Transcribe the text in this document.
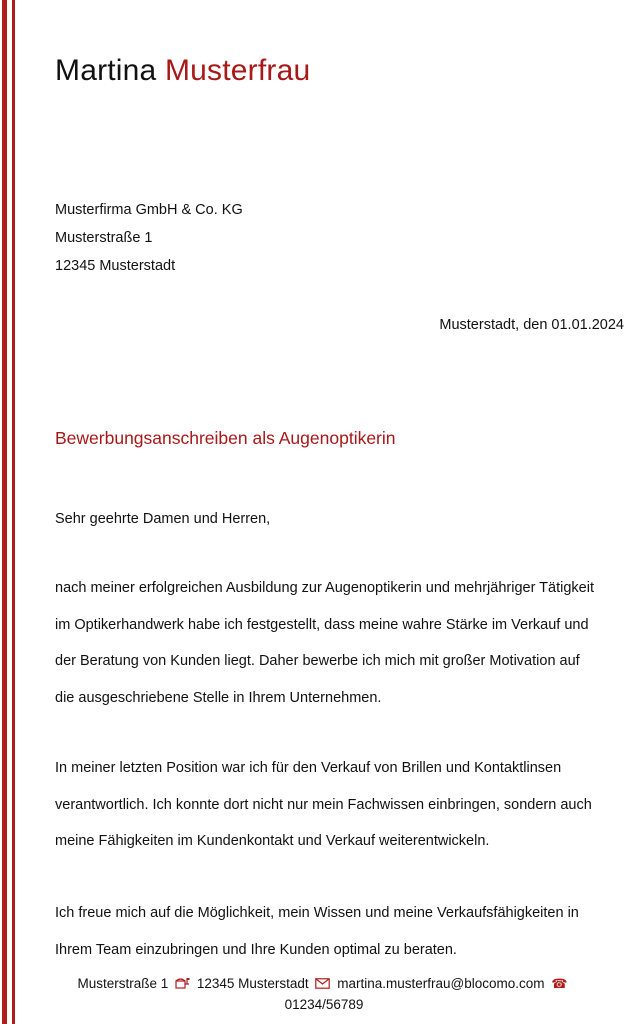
Martina Musterfrau
Musterfirma GmbH & Co. KG
Musterstraße 1
12345 Musterstadt
Musterstadt, den 01.01.2024
Bewerbungsanschreiben als Augenoptikerin
Sehr geehrte Damen und Herren,
nach meiner erfolgreichen Ausbildung zur Augenoptikerin und mehrjähriger Tätigkeit
im Optikerhandwerk habe ich festgestellt, dass meine wahre Stärke im Verkauf und
der Beratung von Kunden liegt. Daher bewerbe ich mich mit großer Motivation auf
die ausgeschriebene Stelle in Ihrem Unternehmen.
In meiner letzten Position war ich für den Verkauf von Brillen und Kontaktlinsen
verantwortlich. Ich konnte dort nicht nur mein Fachwissen einbringen, sondern auch
meine Fähigkeiten im Kundenkontakt und Verkauf weiterentwickeln.
Ich freue mich auf die Möglichkeit, mein Wissen und meine Verkaufsfähigkeiten in
Ihrem Team einzubringen und Ihre Kunden optimal zu beraten.
Musterstraße 1 12345 Musterstadt martina.musterfrau@blocomo.com ☎
01234/56789
